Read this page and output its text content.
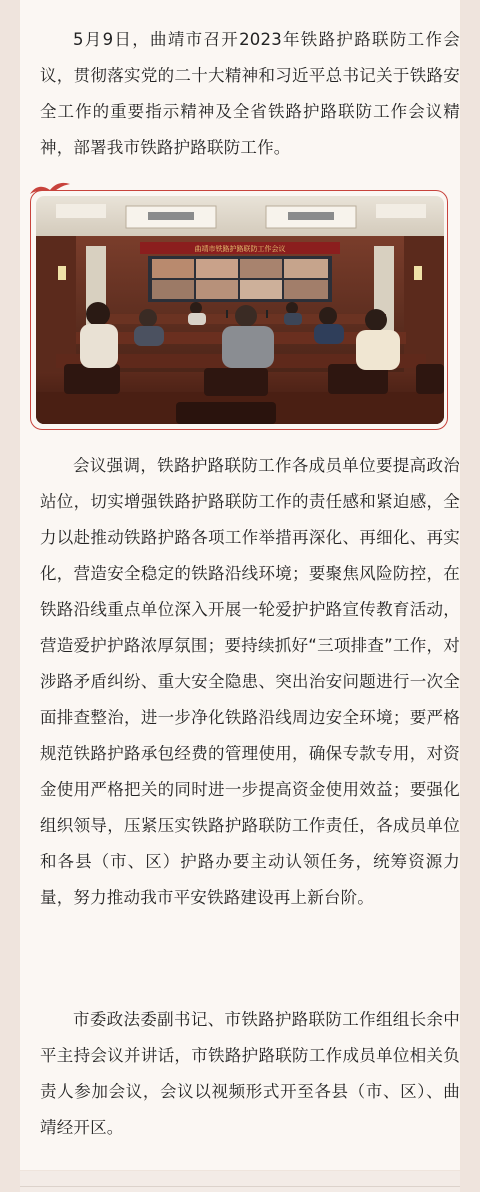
5月9日，曲靖市召开2023年铁路护路联防工作会议，贯彻落实党的二十大精神和习近平总书记关于铁路安全工作的重要指示精神及全省铁路护路联防工作会议精神，部署我市铁路护路联防工作。

会议强调，铁路护路联防工作各成员单位要提高政治站位，切实增强铁路护路联防工作的责任感和紧迫感，全力以赴推动铁路护路各项工作举措再深化、再细化、再实化，营造安全稳定的铁路沿线环境；要聚焦风险防控，在铁路沿线重点单位深入开展一轮爱护护路宣传教育活动，营造爱护护路浓厚氛围；要持续抓好“三项排查”工作，对涉路矛盾纠纷、重大安全隐患、突出治安问题进行一次全面排查整治，进一步净化铁路沿线周边安全环境；要严格规范铁路护路承包经费的管理使用，确保专款专用，对资金使用严格把关的同时进一步提高资金使用效益；要强化组织领导，压紧压实铁路护路联防工作责任，各成员单位和各县（市、区）护路办要主动认领任务，统筹资源力量，努力推动我市平安铁路建设再上新台阶。

市委政法委副书记、市铁路护路联防工作组组长余中平主持会议并讲话，市铁路护路联防工作成员单位相关负责人参加会议，会议以视频形式开至各县（市、区）、曲靖经开区。

曲靖市铁路护路联防工作会议
